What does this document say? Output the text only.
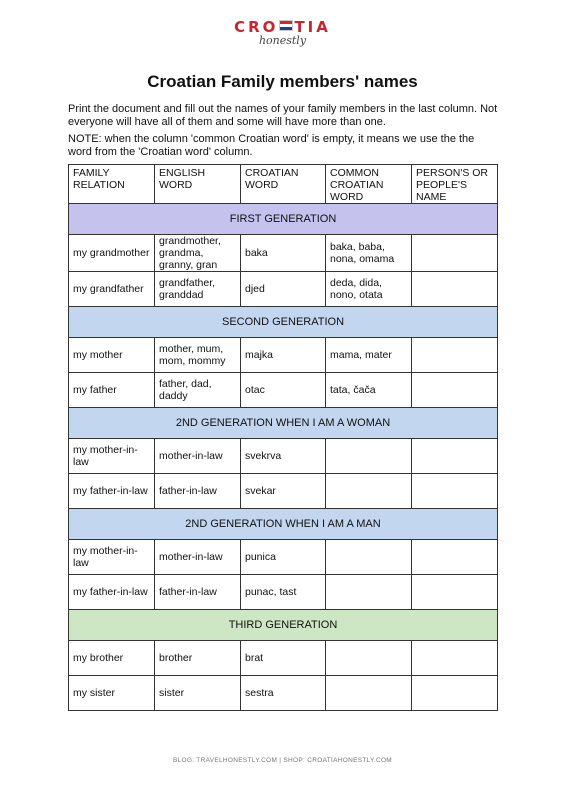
CRO TIA
honestly
Croatian Family members' names

Print the document and fill out the names of your family members in the last column. Not everyone will have all of them and some will have more than one.

NOTE: when the column 'common Croatian word' is empty, it means we use the the word from the 'Croatian word' column.

FAMILY RELATION	ENGLISH WORD	CROATIAN WORD	COMMON CROATIAN WORD	PERSON'S OR PEOPLE'S NAME
FIRST GENERATION				
my grandmother	grandmother, grandma, granny, gran	baka	baka, baba, nona, omama	
my grandfather	grandfather, granddad	djed	deda, dida, nono, otata	
SECOND GENERATION				
my mother	mother, mum, mom, mommy	majka	mama, mater	
my father	father, dad, daddy	otac	tata, čača	
2ND GENERATION WHEN I AM A WOMAN				
my mother-in-law	mother-in-law	svekrva		
my father-in-law	father-in-law	svekar		
2ND GENERATION WHEN I AM A MAN				
my mother-in-law	mother-in-law	punica		
my father-in-law	father-in-law	punac, tast		
THIRD GENERATION				
my brother	brother	brat		
my sister	sister	sestra		
BLOG: TRAVELHONESTLY.COM | SHOP: CROATIAHONESTLY.COM
